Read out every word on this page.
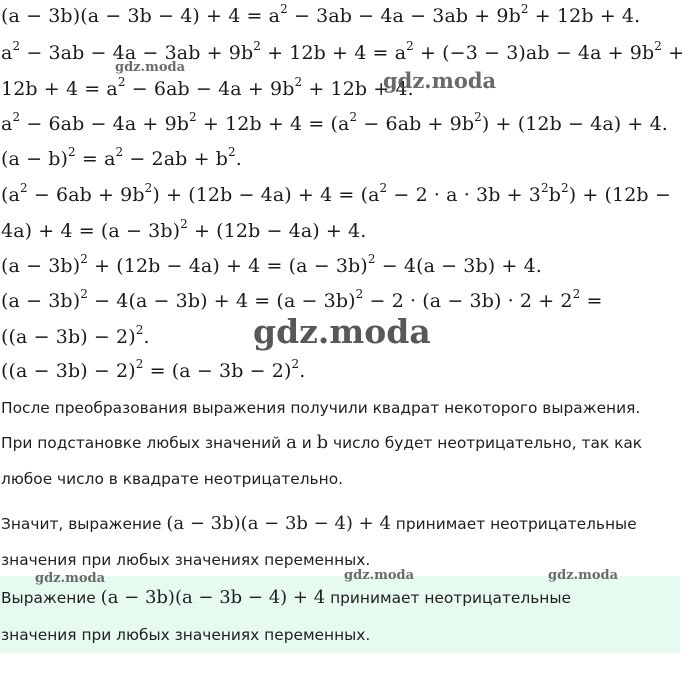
$(a - 3b)(a - 3b - 4) + 4 = a^2 - 3ab - 4a - 3ab + 9b^2 + 12b + 4$.
$a^2 - 3ab - 4a - 3ab + 9b^2 + 12b + 4 = a^2 + (-3 - 3)ab - 4a + 9b^2$ +
$12b + 4 = a^2 - 6ab - 4a + 9b^2 + 12b + 4$.
$a^2 - 6ab - 4a + 9b^2 + 12b + 4 = (a^2 - 6ab + 9b^2) + (12b - 4a) + 4$.
$(a - b)^2 = a^2 - 2ab + b^2$.
$(a^2 - 6ab + 9b^2) + (12b - 4a) + 4 = (a^2 - 2 \cdot a \cdot 3b + 3^2b^2) + (12b$ −
$4a) + 4 = (a - 3b)^2 + (12b - 4a) + 4$.
$(a - 3b)^2 + (12b - 4a) + 4 = (a - 3b)^2 - 4(a - 3b) + 4$.
$(a - 3b)^2 - 4(a - 3b) + 4 = (a - 3b)^2 - 2 \cdot (a - 3b) \cdot 2 + 2^2$ =
$((a - 3b) - 2)^2$.
$((a - 3b) - 2)^2 = (a - 3b - 2)^2$.
После преобразования выражения получили квадрат некоторого выражения.
При подстановке любых значений a и b число будет неотрицательно, так как
любое число в квадрате неотрицательно.
Значит, выражение (a − 3b)(a − 3b − 4) + 4 принимает неотрицательные
значения при любых значениях переменных.
Выражение (a − 3b)(a − 3b − 4) + 4 принимает неотрицательные
значения при любых значениях переменных.
gdz.moda
gdz.moda
gdz.moda
gdz.moda	gdz.moda	gdz.moda
